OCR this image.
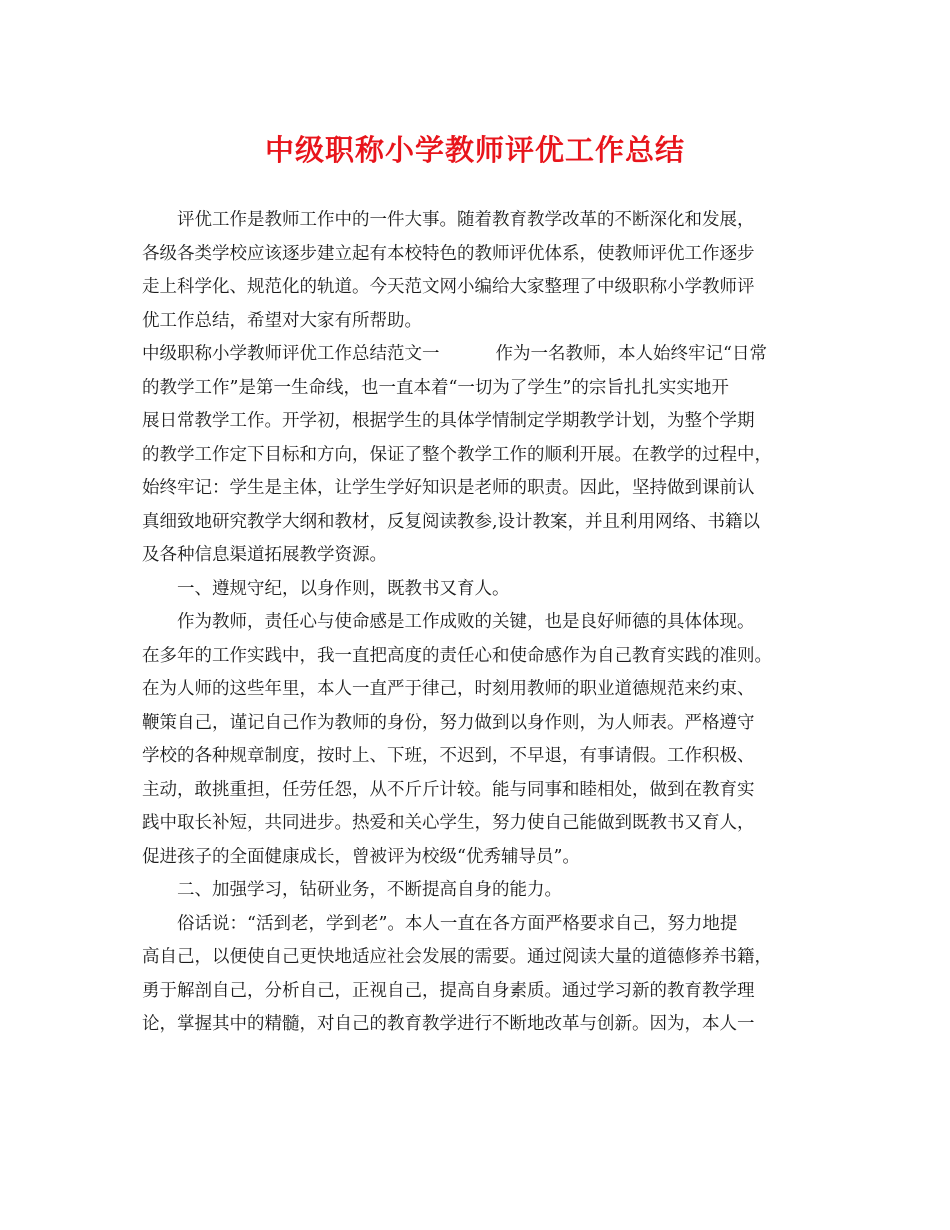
中级职称小学教师评优工作总结
评优工作是教师工作中的一件大事。随着教育教学改革的不断深化和发展，
各级各类学校应该逐步建立起有本校特色的教师评优体系，使教师评优工作逐步
走上科学化、规范化的轨道。今天范文网小编给大家整理了中级职称小学教师评
优工作总结，希望对大家有所帮助。
中级职称小学教师评优工作总结范文一	作为一名教师，本人始终牢记“日常
的教学工作”是第一生命线，也一直本着“一切为了学生”的宗旨扎扎实实地开
展日常教学工作。开学初，根据学生的具体学情制定学期教学计划，为整个学期
的教学工作定下目标和方向，保证了整个教学工作的顺利开展。在教学的过程中，
始终牢记：学生是主体，让学生学好知识是老师的职责。因此，坚持做到课前认
真细致地研究教学大纲和教材，反复阅读教参,设计教案，并且利用网络、书籍以
及各种信息渠道拓展教学资源。
一、遵规守纪，以身作则，既教书又育人。
作为教师，责任心与使命感是工作成败的关键，也是良好师德的具体体现。
在多年的工作实践中，我一直把高度的责任心和使命感作为自己教育实践的准则。
在为人师的这些年里，本人一直严于律己，时刻用教师的职业道德规范来约束、
鞭策自己，谨记自己作为教师的身份，努力做到以身作则，为人师表。严格遵守
学校的各种规章制度，按时上、下班，不迟到，不早退，有事请假。工作积极、
主动，敢挑重担，任劳任怨，从不斤斤计较。能与同事和睦相处，做到在教育实
践中取长补短，共同进步。热爱和关心学生，努力使自己能做到既教书又育人，
促进孩子的全面健康成长，曾被评为校级“优秀辅导员”。
二、加强学习，钻研业务，不断提高自身的能力。
俗话说：“活到老，学到老”。本人一直在各方面严格要求自己，努力地提
高自己，以便使自己更快地适应社会发展的需要。通过阅读大量的道德修养书籍，
勇于解剖自己，分析自己，正视自己，提高自身素质。通过学习新的教育教学理
论，掌握其中的精髓，对自己的教育教学进行不断地改革与创新。因为，本人一
